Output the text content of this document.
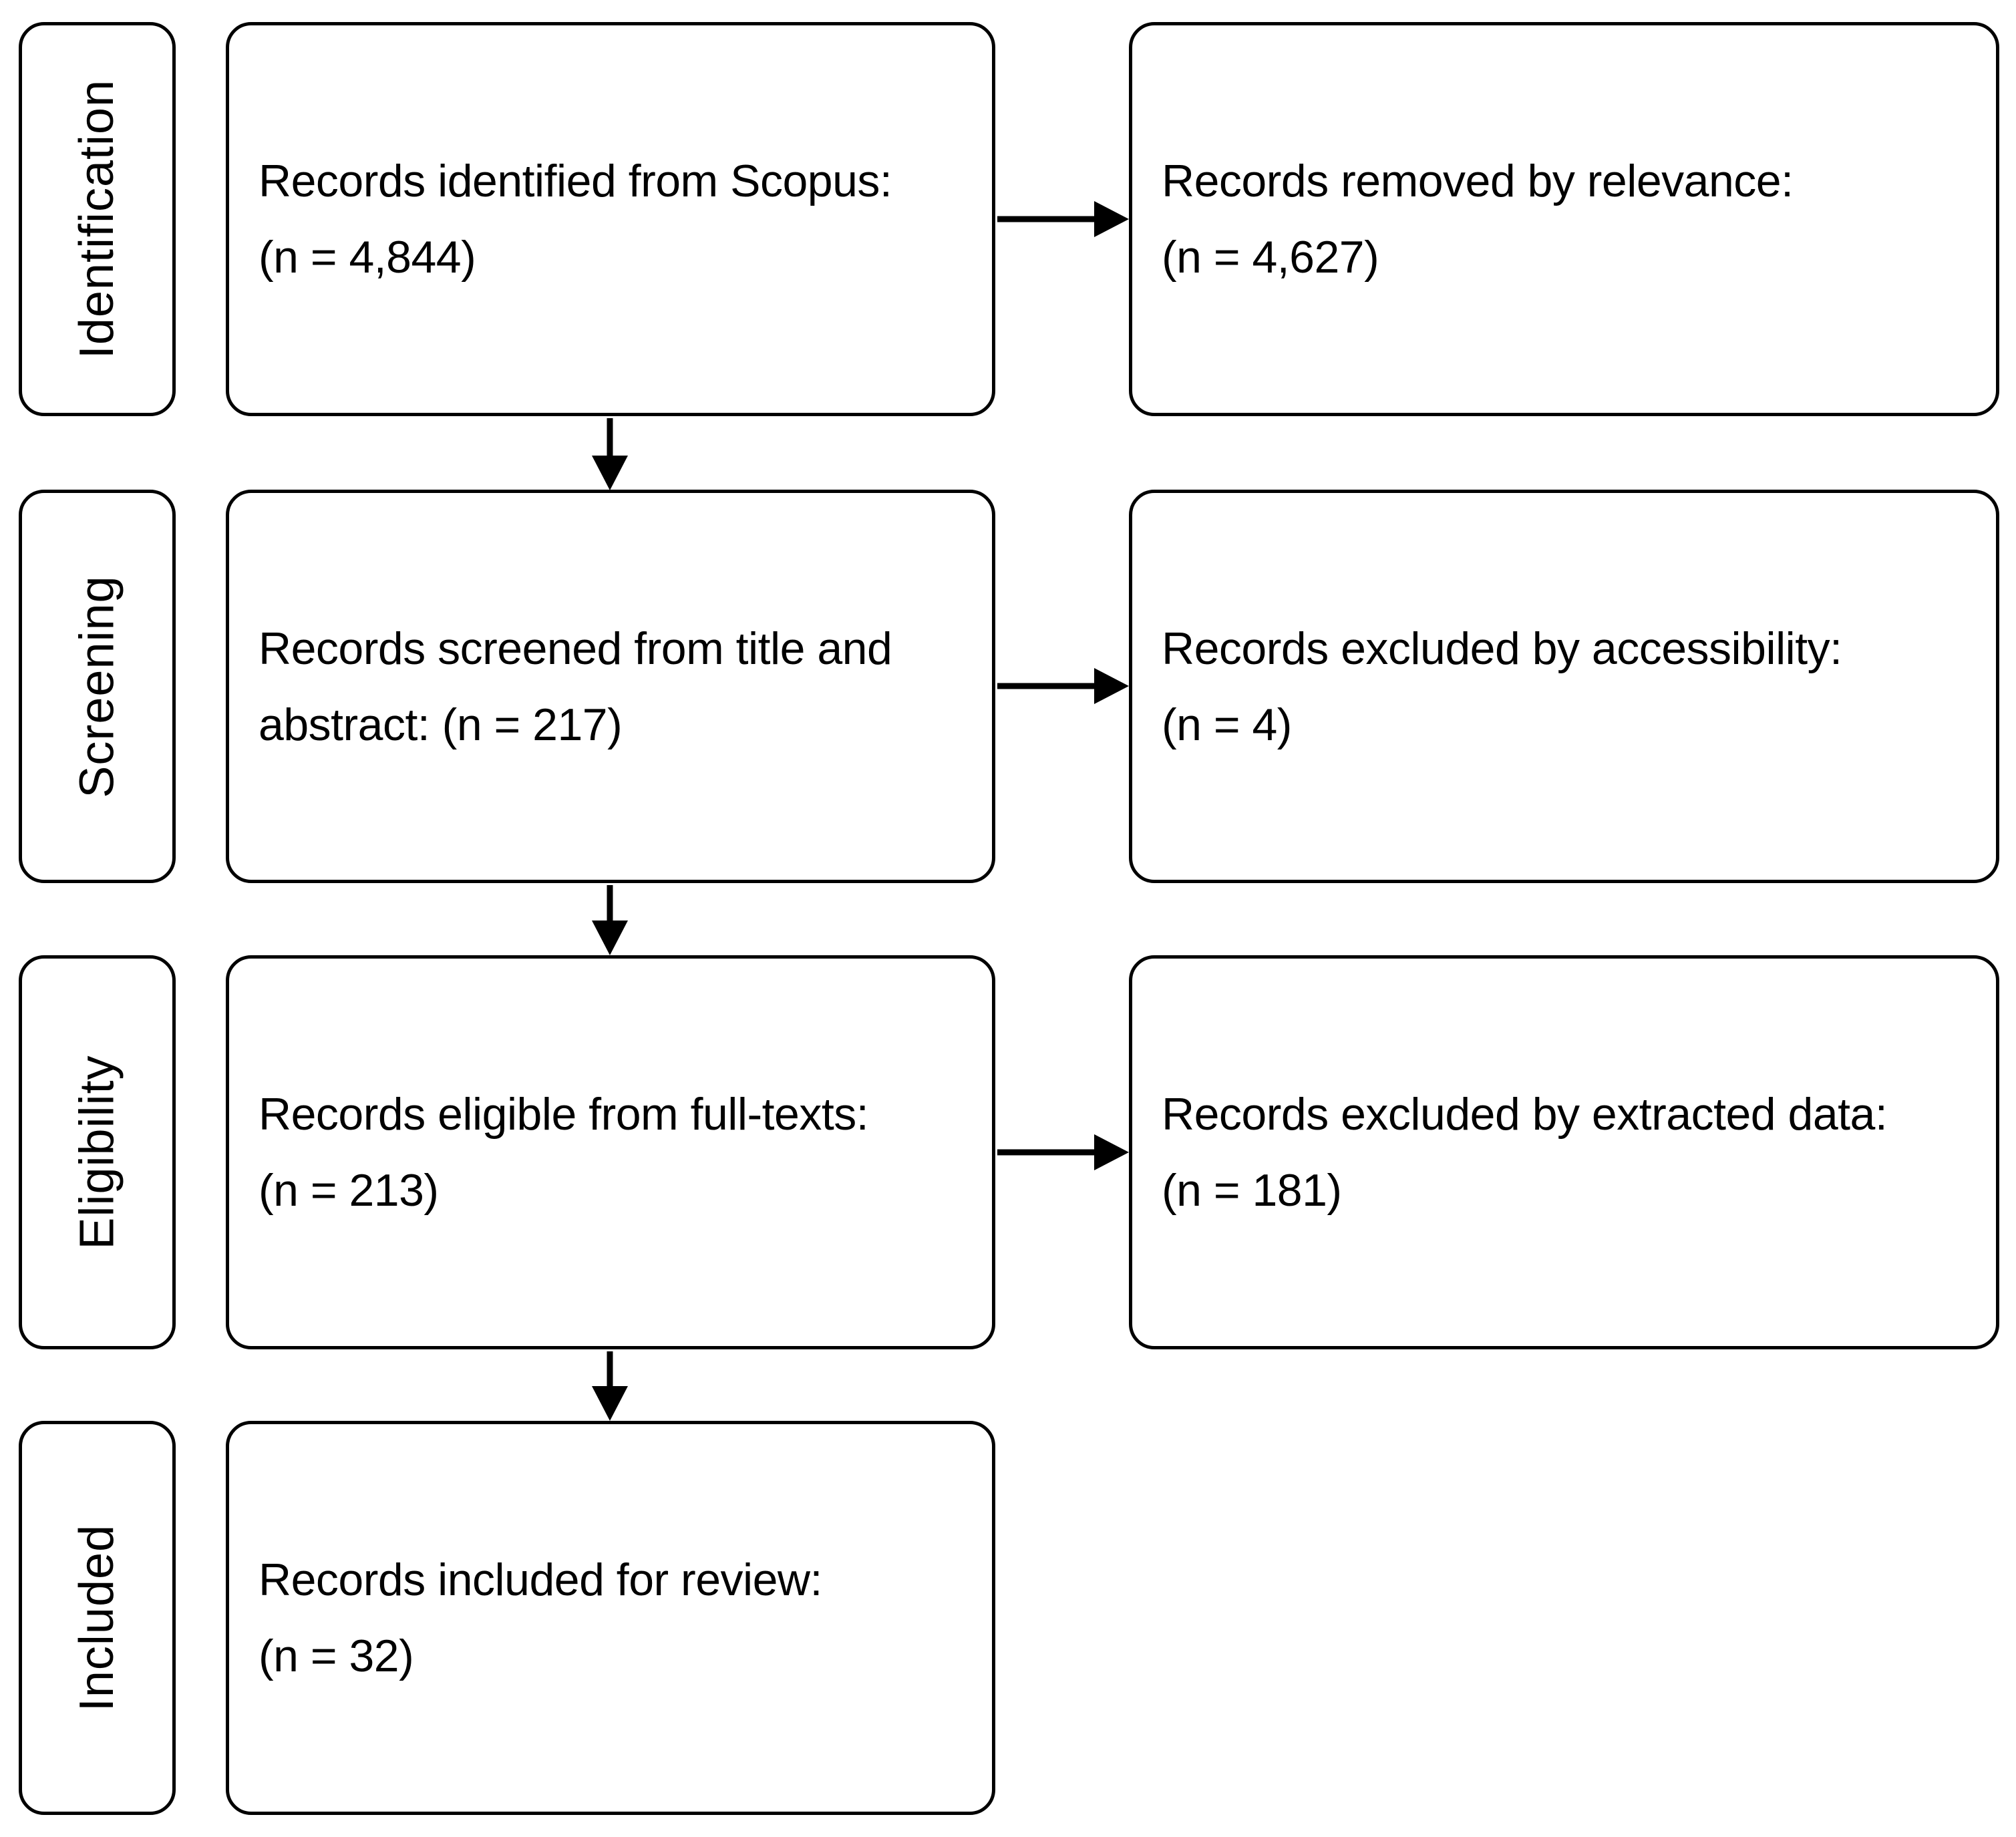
Identification
Screening
Eligibility
Included
Records identified from Scopus:
(n = 4,844)
Records screened from title and
abstract: (n = 217)
Records eligible from full-texts:
(n = 213)
Records included for review:
(n = 32)
Records removed by relevance:
(n = 4,627)
Records excluded by accessibility:
(n = 4)
Records excluded by extracted data:
(n = 181)
